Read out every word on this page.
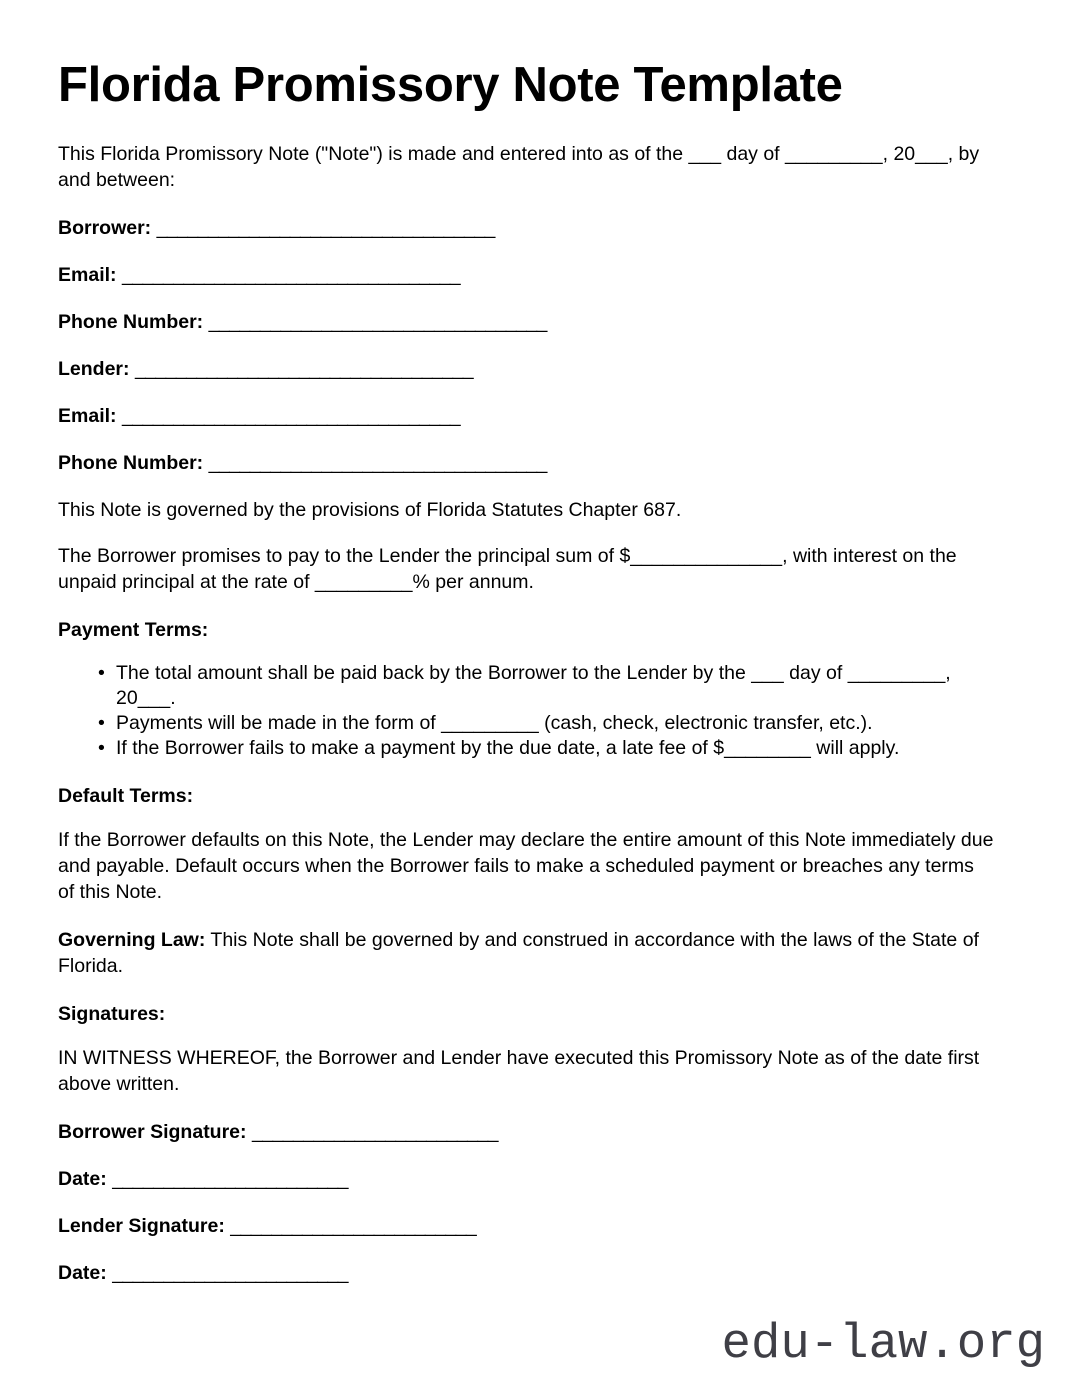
Florida Promissory Note Template

This Florida Promissory Note ("Note") is made and entered into as of the ___ day of _________, 20___, by and between:

Borrower: _________________________________
Email: _________________________________
Phone Number: _________________________________
Lender: _________________________________
Email: _________________________________
Phone Number: _________________________________

This Note is governed by the provisions of Florida Statutes Chapter 687.

The Borrower promises to pay to the Lender the principal sum of $______________, with interest on the unpaid principal at the rate of _________% per annum.

Payment Terms:
• The total amount shall be paid back by the Borrower to the Lender by the ___ day of _________, 20___.
• Payments will be made in the form of _________ (cash, check, electronic transfer, etc.).
• If the Borrower fails to make a payment by the due date, a late fee of $________ will apply.
Default Terms:

If the Borrower defaults on this Note, the Lender may declare the entire amount of this Note immediately due and payable. Default occurs when the Borrower fails to make a scheduled payment or breaches any terms of this Note.

Governing Law: This Note shall be governed by and construed in accordance with the laws of the State of Florida.

Signatures:

IN WITNESS WHEREOF, the Borrower and Lender have executed this Promissory Note as of the date first above written.

Borrower Signature: ________________________
Date: _______________________
Lender Signature: ________________________
Date: _______________________
edu-law.org
